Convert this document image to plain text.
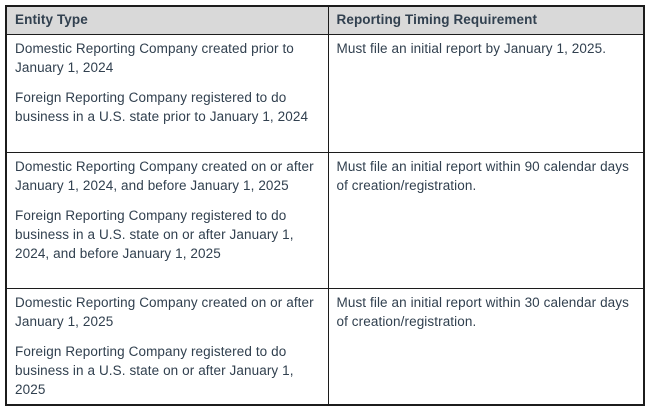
Entity Type	Reporting Timing Requirement

Domestic Reporting Company created prior to January 1, 2024

Foreign Reporting Company registered to do business in a U.S. state prior to January 1, 2024	Must file an initial report by January 1, 2025.

Domestic Reporting Company created on or after January 1, 2024, and before January 1, 2025

Foreign Reporting Company registered to do business in a U.S. state on or after January 1, 2024, and before January 1, 2025	Must file an initial report within 90 calendar days of creation/registration.

Domestic Reporting Company created on or after January 1, 2025

Foreign Reporting Company registered to do business in a U.S. state on or after January 1, 2025	Must file an initial report within 30 calendar days of creation/registration.
